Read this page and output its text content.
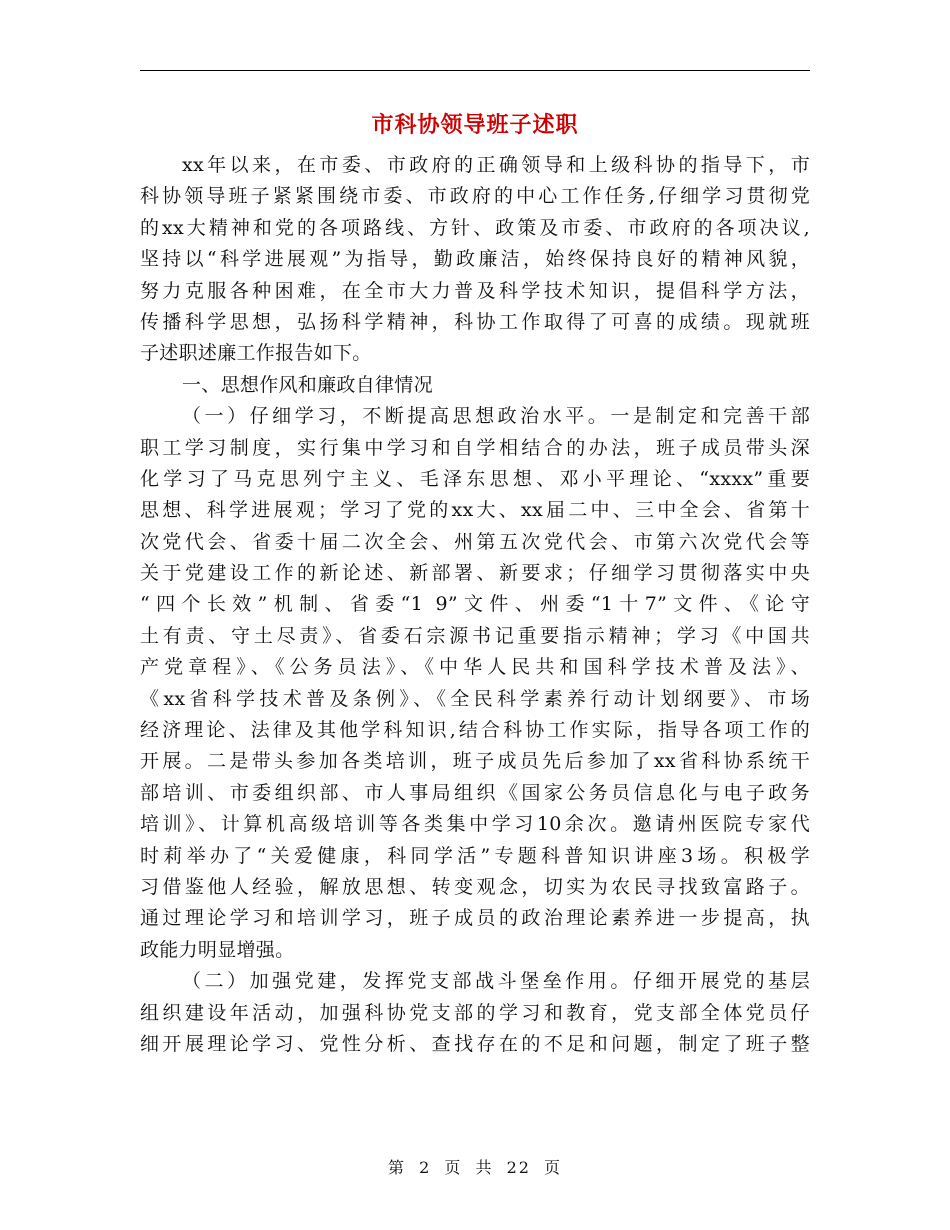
市科协领导班子述职
xx年以来，在市委、市政府的正确领导和上级科协的指导下，市
科协领导班子紧紧围绕市委、市政府的中心工作任务,仔细学习贯彻党
的xx大精神和党的各项路线、方针、政策及市委、市政府的各项决议,
坚持以“科学进展观”为指导，勤政廉洁，始终保持良好的精神风貌，
努力克服各种困难，在全市大力普及科学技术知识，提倡科学方法，
传播科学思想，弘扬科学精神，科协工作取得了可喜的成绩。现就班
子述职述廉工作报告如下。
一、思想作风和廉政自律情况
（一）仔细学习，不断提高思想政治水平。一是制定和完善干部
职工学习制度，实行集中学习和自学相结合的办法，班子成员带头深
化学习了马克思列宁主义、毛泽东思想、邓小平理论、“xxxx”重要
思想、科学进展观；学习了党的xx大、xx届二中、三中全会、省第十
次党代会、省委十届二次全会、州第五次党代会、市第六次党代会等
关于党建设工作的新论述、新部署、新要求；仔细学习贯彻落实中央
“四个长效”机制、省委“1 9”文件、州委“1十7”文件、《论守
土有责、守土尽责》、省委石宗源书记重要指示精神；学习《中国共
产党章程》、《公务员法》、《中华人民共和国科学技术普及法》、
《xx省科学技术普及条例》、《全民科学素养行动计划纲要》、市场
经济理论、法律及其他学科知识,结合科协工作实际，指导各项工作的
开展。二是带头参加各类培训，班子成员先后参加了xx省科协系统干
部培训、市委组织部、市人事局组织《国家公务员信息化与电子政务
培训》、计算机高级培训等各类集中学习10余次。邀请州医院专家代
时莉举办了“关爱健康，科同学活”专题科普知识讲座3场。积极学
习借鉴他人经验，解放思想、转变观念，切实为农民寻找致富路子。
通过理论学习和培训学习，班子成员的政治理论素养进一步提高，执
政能力明显增强。
（二）加强党建，发挥党支部战斗堡垒作用。仔细开展党的基层
组织建设年活动，加强科协党支部的学习和教育，党支部全体党员仔
细开展理论学习、党性分析、查找存在的不足和问题，制定了班子整
第 2 页 共 22 页
